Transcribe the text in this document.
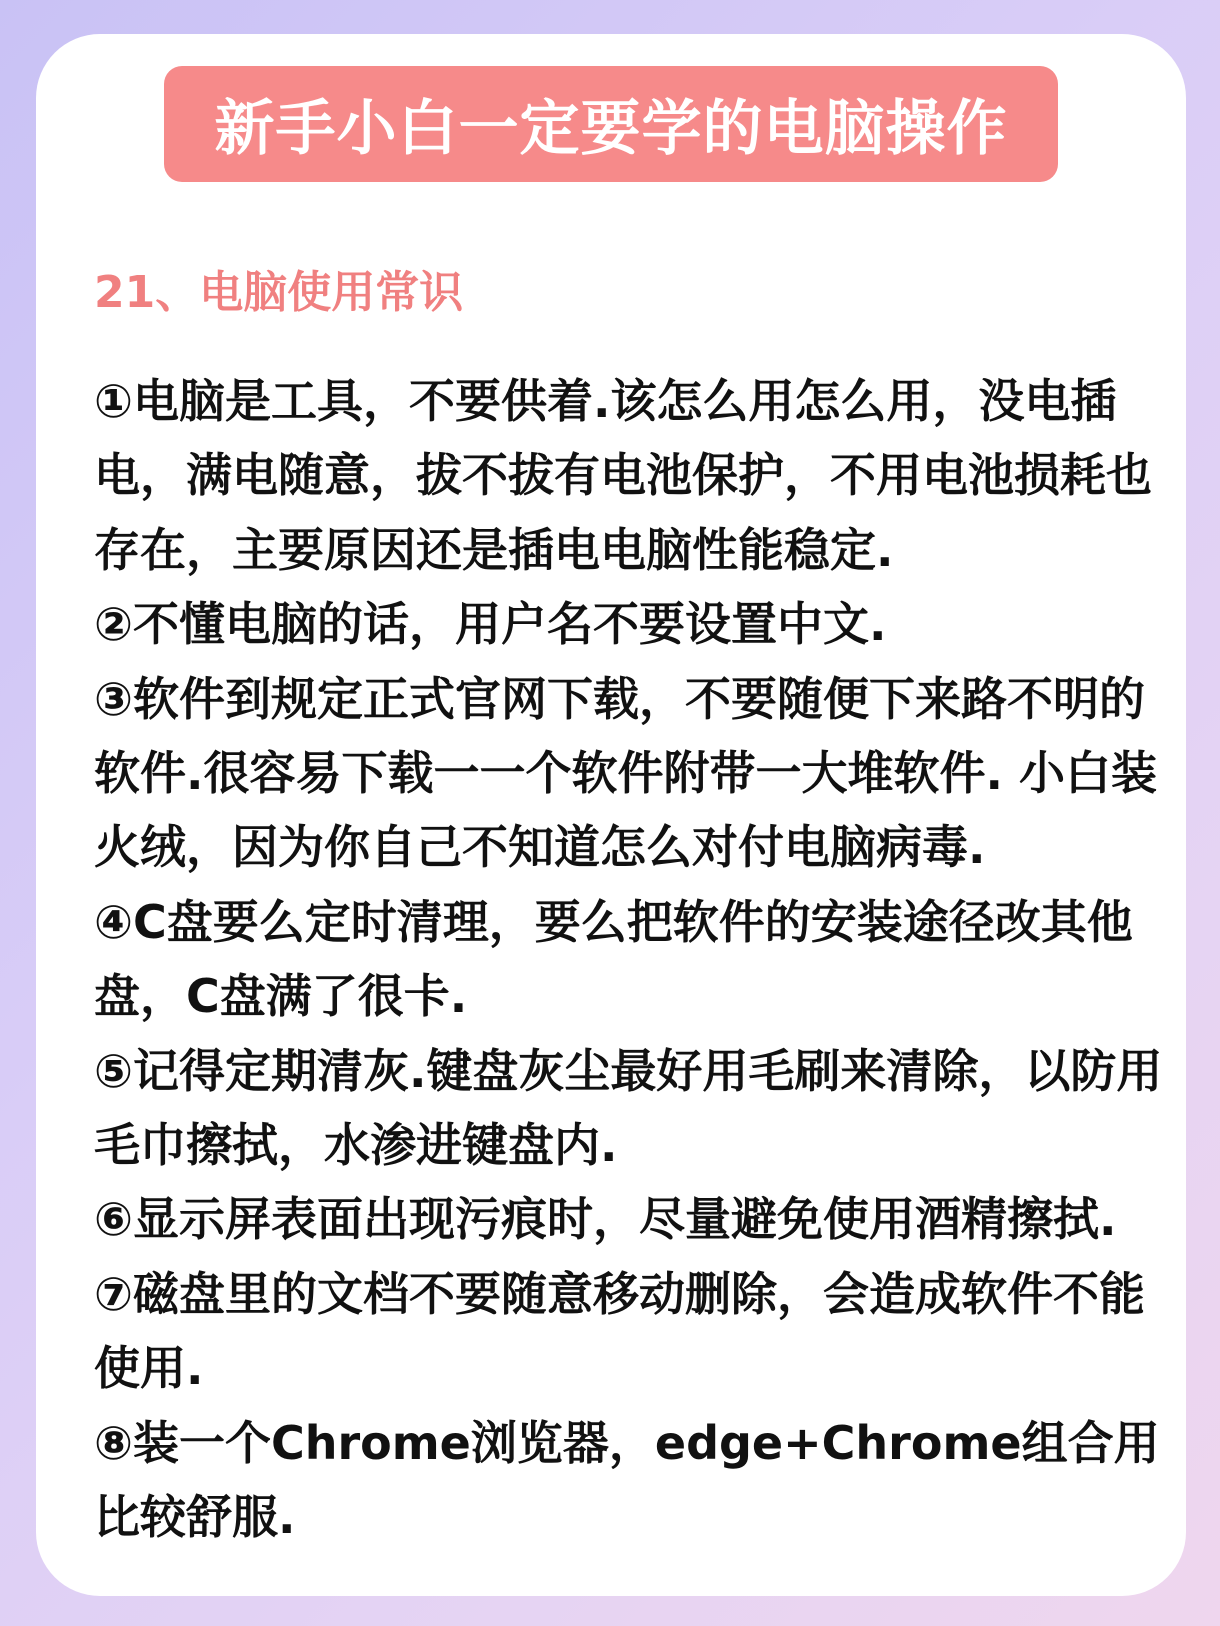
新手小白一定要学的电脑操作
21、电脑使用常识
①电脑是工具，不要供着.该怎么用怎么用，没电插电，满电随意，拔不拔有电池保护，不用电池损耗也存在，主要原因还是插电电脑性能稳定.
②不懂电脑的话，用户名不要设置中文.
③软件到规定正式官网下载，不要随便下来路不明的软件.很容易下载一一个软件附带一大堆软件. 小白装火绒，因为你自己不知道怎么对付电脑病毒.
④C盘要么定时清理，要么把软件的安装途径改其他盘，C盘满了很卡.
⑤记得定期清灰.键盘灰尘最好用毛刷来清除，以防用毛巾擦拭，水渗进键盘内.
⑥显示屏表面出现污痕时，尽量避免使用酒精擦拭.
⑦磁盘里的文档不要随意移动删除，会造成软件不能使用.
⑧装一个Chrome浏览器，edge+Chrome组合用比较舒服.
